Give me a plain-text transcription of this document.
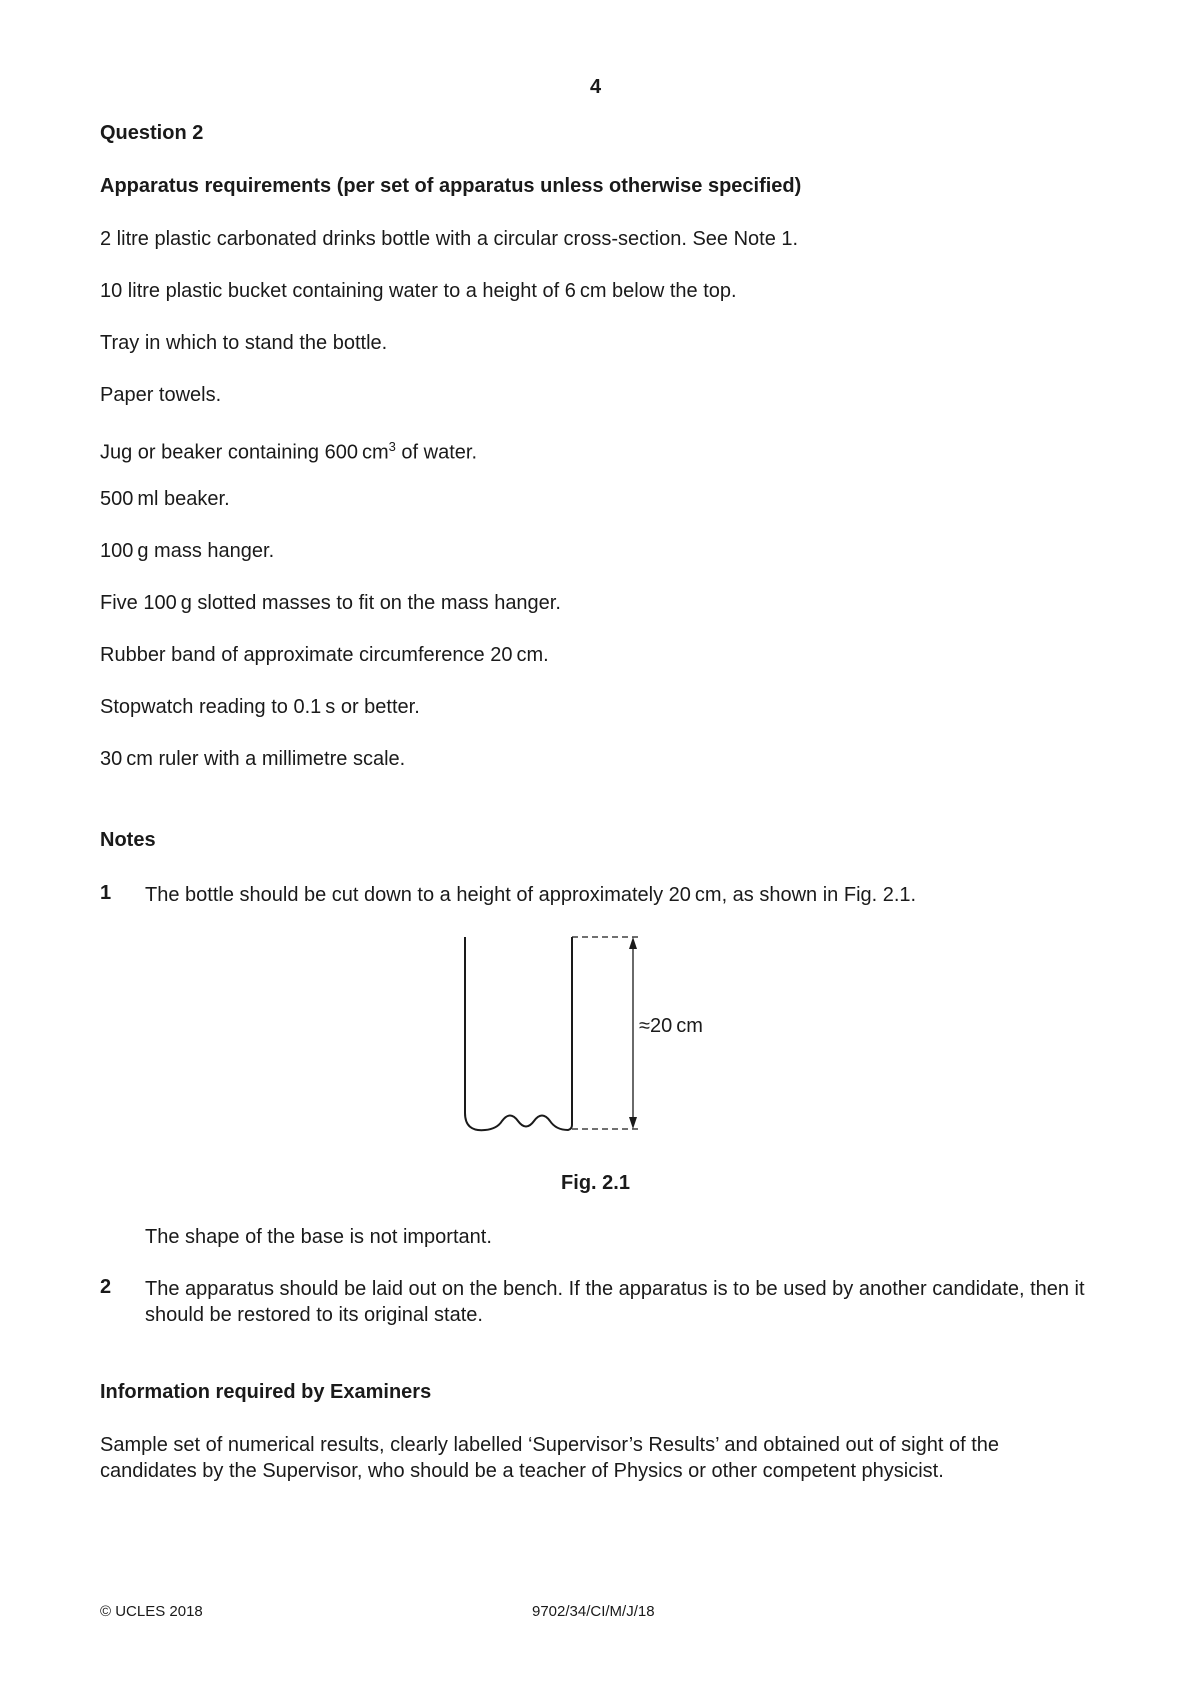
4
Question 2
Apparatus requirements (per set of apparatus unless otherwise specified)
2 litre plastic carbonated drinks bottle with a circular cross-section. See Note 1.
10 litre plastic bucket containing water to a height of 6 cm below the top.
Tray in which to stand the bottle.
Paper towels.
Jug or beaker containing 600 $cm^3$ of water.
500 ml beaker.
100 g mass hanger.
Five 100 g slotted masses to fit on the mass hanger.
Rubber band of approximate circumference 20 cm.
Stopwatch reading to 0.1 s or better.
30 cm ruler with a millimetre scale.
Notes
1 The bottle should be cut down to a height of approximately 20 cm, as shown in Fig. 2.1.
≈20 cm
Fig. 2.1
The shape of the base is not important.
2 The apparatus should be laid out on the bench. If the apparatus is to be used by another candidate, then it should be restored to its original state.
Information required by Examiners
Sample set of numerical results, clearly labelled ‘Supervisor’s Results’ and obtained out of sight of the candidates by the Supervisor, who should be a teacher of Physics or other competent physicist.
© UCLES 2018	9702/34/CI/M/J/18
